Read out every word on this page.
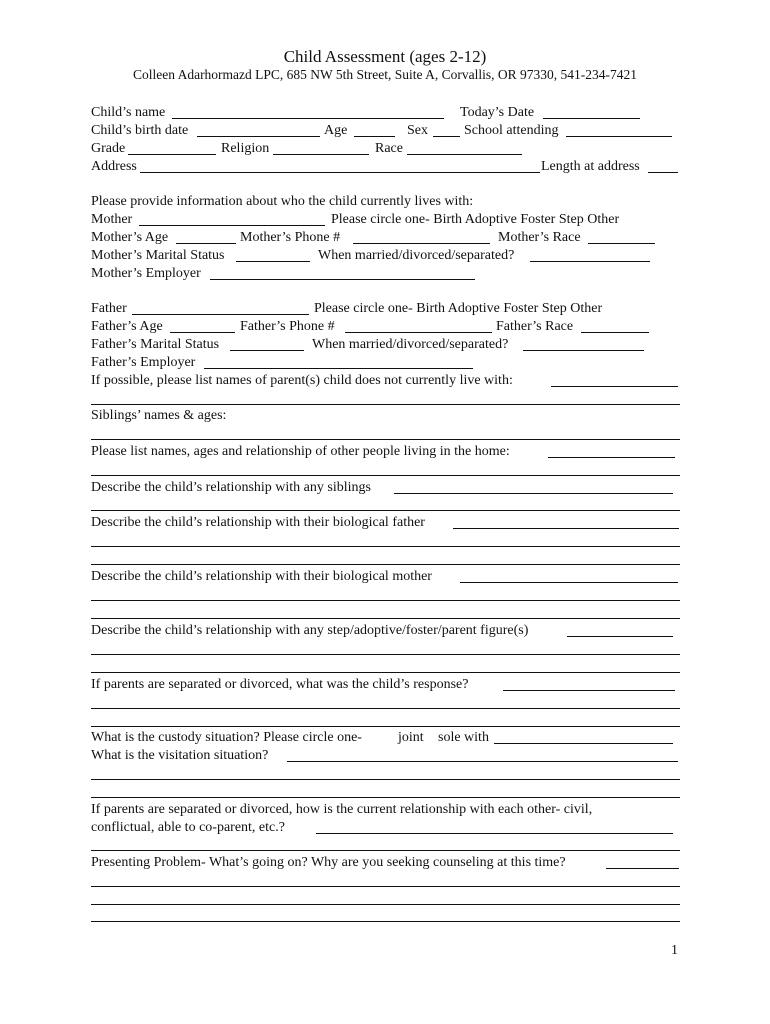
Child Assessment (ages 2-12)
Colleen Adarhormazd LPC, 685 NW 5th Street, Suite A, Corvallis, OR 97330, 541-234-7421
Child’s name	Today’s Date
Child’s birth date	Age	Sex	School attending
Grade	Religion	Race
Address	Length at address
Please provide information about who the child currently lives with:
Mother	Please circle one- Birth Adoptive Foster Step Other
Mother’s Age	Mother’s Phone #	Mother’s Race
Mother’s Marital Status	When married/divorced/separated?
Mother’s Employer
Father	Please circle one- Birth Adoptive Foster Step Other
Father’s Age	Father’s Phone #	Father’s Race
Father’s Marital Status	When married/divorced/separated?
Father’s Employer
If possible, please list names of parent(s) child does not currently live with:
Siblings’ names & ages:
Please list names, ages and relationship of other people living in the home:
Describe the child’s relationship with any siblings
Describe the child’s relationship with their biological father
Describe the child’s relationship with their biological mother
Describe the child’s relationship with any step/adoptive/foster/parent figure(s)
If parents are separated or divorced, what was the child’s response?
What is the custody situation? Please circle one-	joint sole with
What is the visitation situation?
If parents are separated or divorced, how is the current relationship with each other- civil,
conflictual, able to co-parent, etc.?
Presenting Problem- What’s going on? Why are you seeking counseling at this time?
1
